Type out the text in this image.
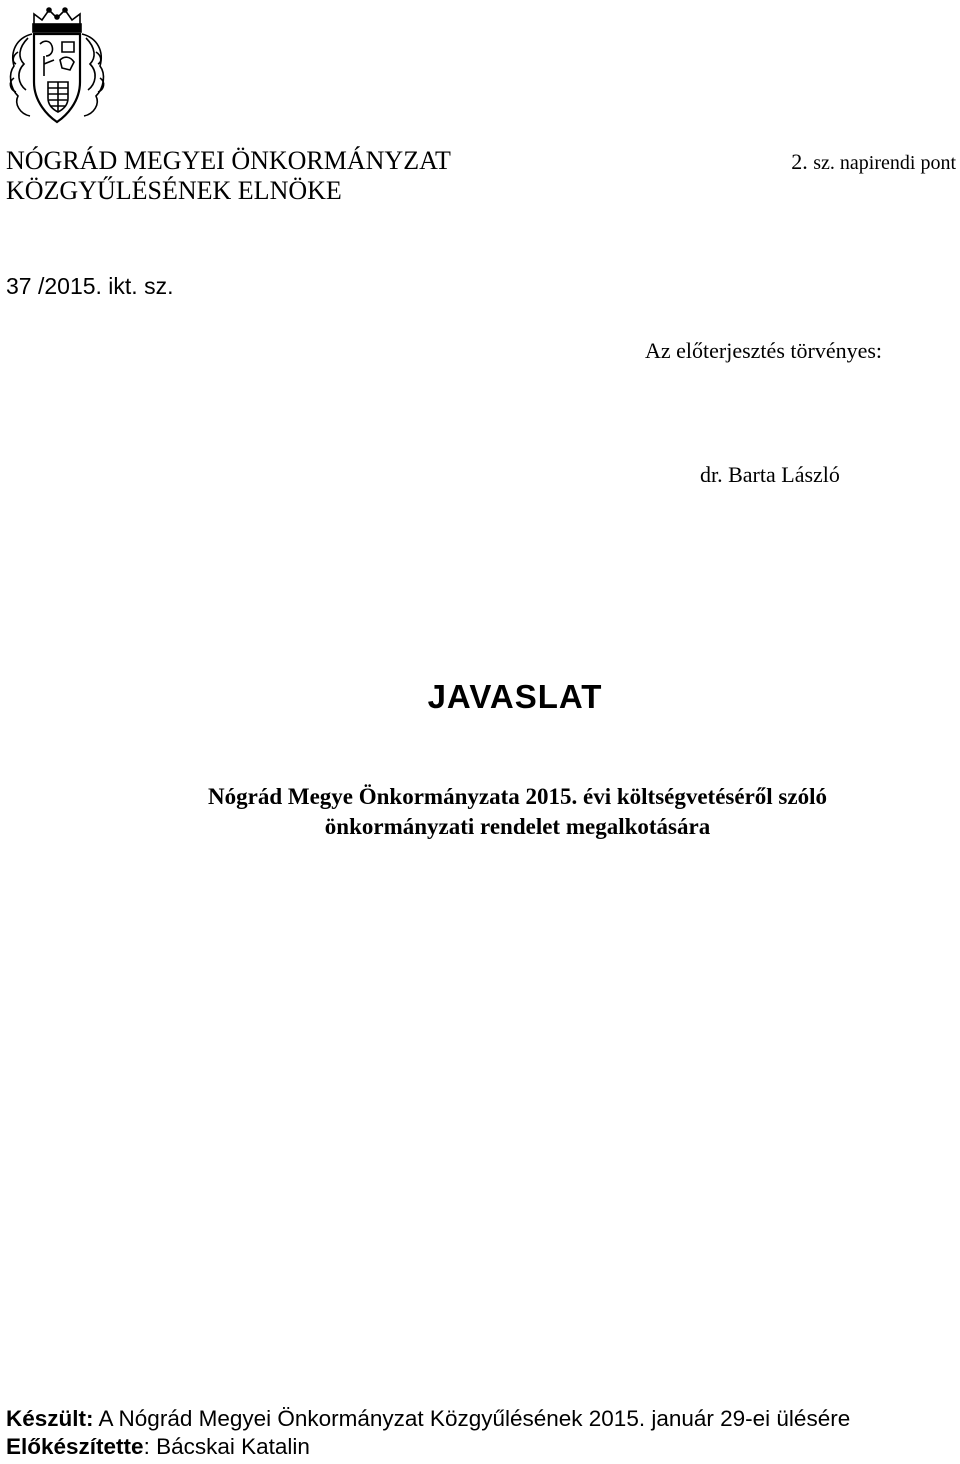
NÓGRÁD MEGYEI ÖNKORMÁNYZAT
KÖZGYŰLÉSÉNEK ELNÖKE
2. sz. napirendi pont
37 /2015. ikt. sz.
Az előterjesztés törvényes:
dr. Barta László
JAVASLAT
Nógrád Megye Önkormányzata 2015. évi költségvetéséről szóló
önkormányzati rendelet megalkotására
Készült: A Nógrád Megyei Önkormányzat Közgyűlésének 2015. január 29-ei ülésére
Előkészítette: Bácskai Katalin
